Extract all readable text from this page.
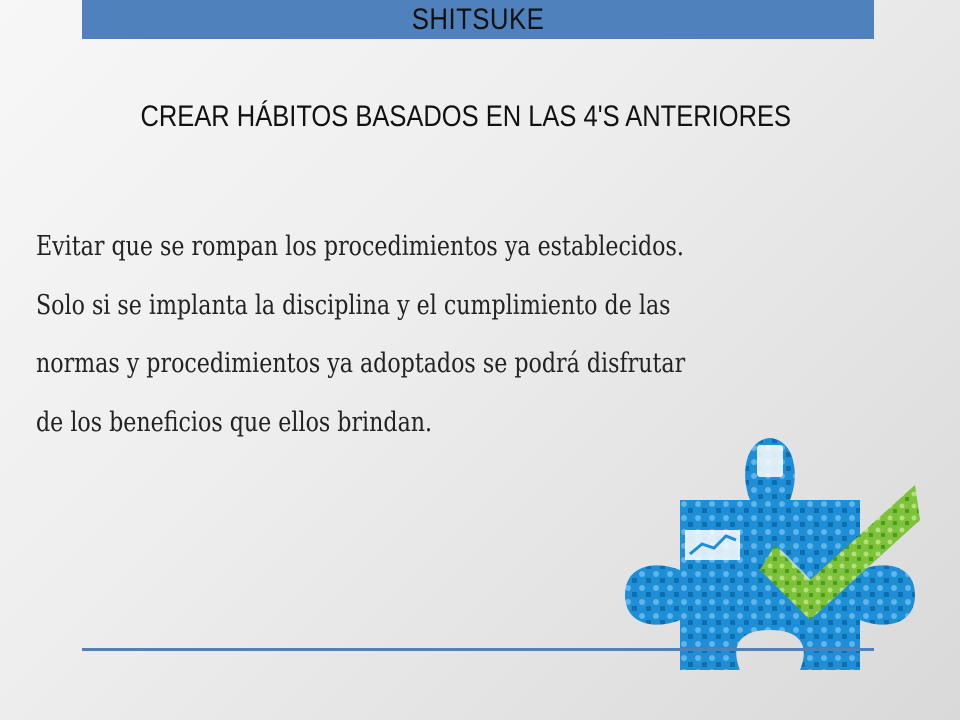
SHITSUKE
CREAR HÁBITOS BASADOS EN LAS 4'S ANTERIORES
Evitar que se rompan los procedimientos ya establecidos.
Solo si se implanta la disciplina y el cumplimiento de las
normas y procedimientos ya adoptados se podrá disfrutar
de los beneficios que ellos brindan.
